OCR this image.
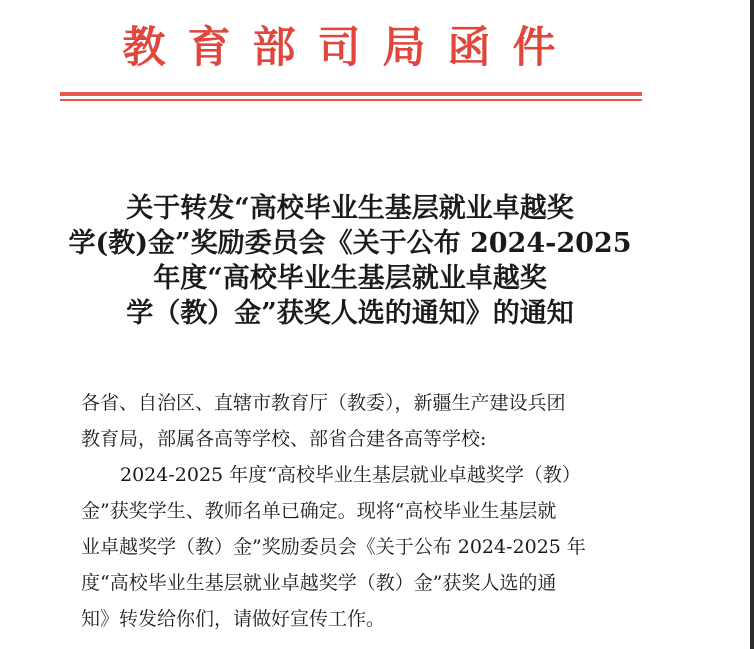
教育部司局函件
关于转发“高校毕业生基层就业卓越奖
学(教)金”奖励委员会《关于公布 2024-2025
年度“高校毕业生基层就业卓越奖
学（教）金”获奖人选的通知》的通知
各省、自治区、直辖市教育厅（教委），新疆生产建设兵团
教育局，部属各高等学校、部省合建各高等学校:
2024-2025 年度“高校毕业生基层就业卓越奖学（教）
金”获奖学生、教师名单已确定。现将“高校毕业生基层就
业卓越奖学（教）金”奖励委员会《关于公布 2024-2025 年
度“高校毕业生基层就业卓越奖学（教）金”获奖人选的通
知》转发给你们，请做好宣传工作。
